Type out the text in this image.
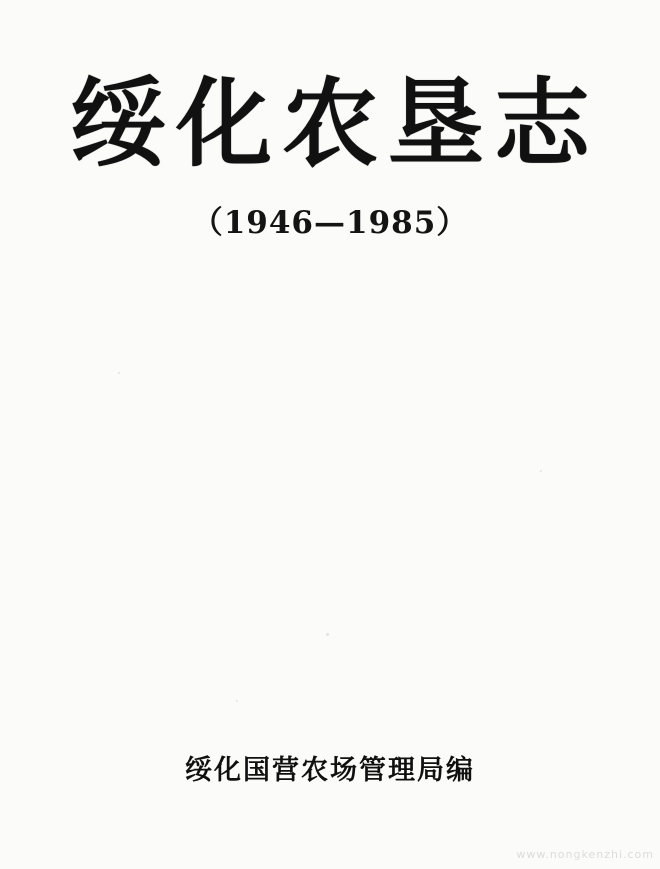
绥化农垦志
（1946—1985）
绥化国营农场管理局编
www.nongkenzhi.com
